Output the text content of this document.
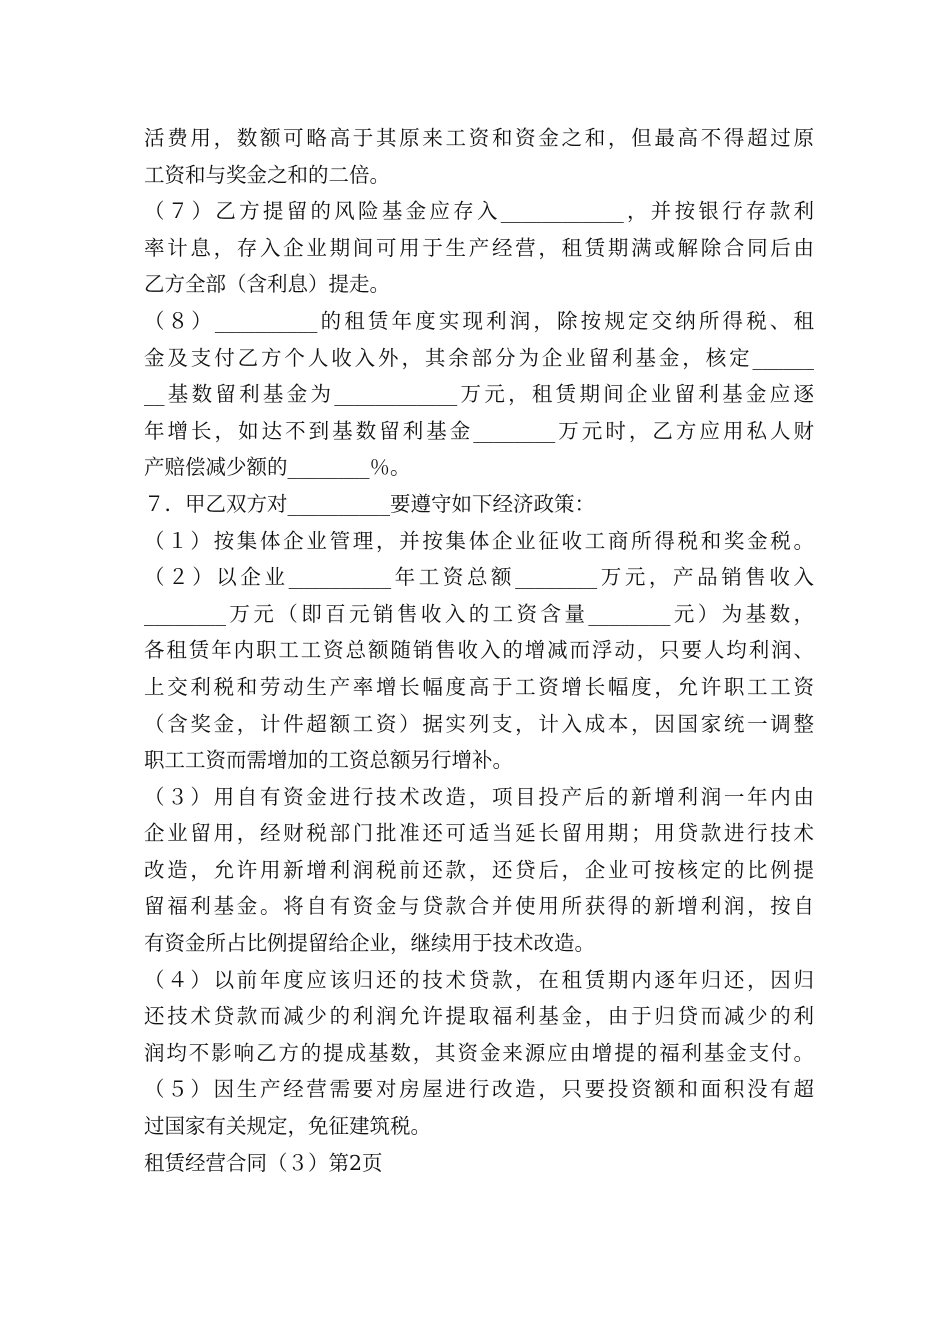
活费用，数额可略高于其原来工资和资金之和，但最高不得超过原
工资和与奖金之和的二倍。
（７）乙方提留的风险基金应存入____________，并按银行存款利
率计息，存入企业期间可用于生产经营，租赁期满或解除合同后由
乙方全部（含利息）提走。
（８）__________的租赁年度实现利润，除按规定交纳所得税、租
金及支付乙方个人收入外，其余部分为企业留利基金，核定______
__基数留利基金为____________万元，租赁期间企业留利基金应逐
年增长，如达不到基数留利基金________万元时，乙方应用私人财
产赔偿减少额的________％。
７．甲乙双方对__________要遵守如下经济政策：
（１）按集体企业管理，并按集体企业征收工商所得税和奖金税。
（２）以企业__________年工资总额________万元，产品销售收入
________万元（即百元销售收入的工资含量________元）为基数，
各租赁年内职工工资总额随销售收入的增减而浮动，只要人均利润、
上交利税和劳动生产率增长幅度高于工资增长幅度，允许职工工资
（含奖金，计件超额工资）据实列支，计入成本，因国家统一调整
职工工资而需增加的工资总额另行增补。
（３）用自有资金进行技术改造，项目投产后的新增利润一年内由
企业留用，经财税部门批准还可适当延长留用期；用贷款进行技术
改造，允许用新增利润税前还款，还贷后，企业可按核定的比例提
留福利基金。将自有资金与贷款合并使用所获得的新增利润，按自
有资金所占比例提留给企业，继续用于技术改造。
（４）以前年度应该归还的技术贷款，在租赁期内逐年归还，因归
还技术贷款而减少的利润允许提取福利基金，由于归贷而减少的利
润均不影响乙方的提成基数，其资金来源应由增提的福利基金支付。
（５）因生产经营需要对房屋进行改造，只要投资额和面积没有超
过国家有关规定，免征建筑税。
租赁经营合同（３）第2页
